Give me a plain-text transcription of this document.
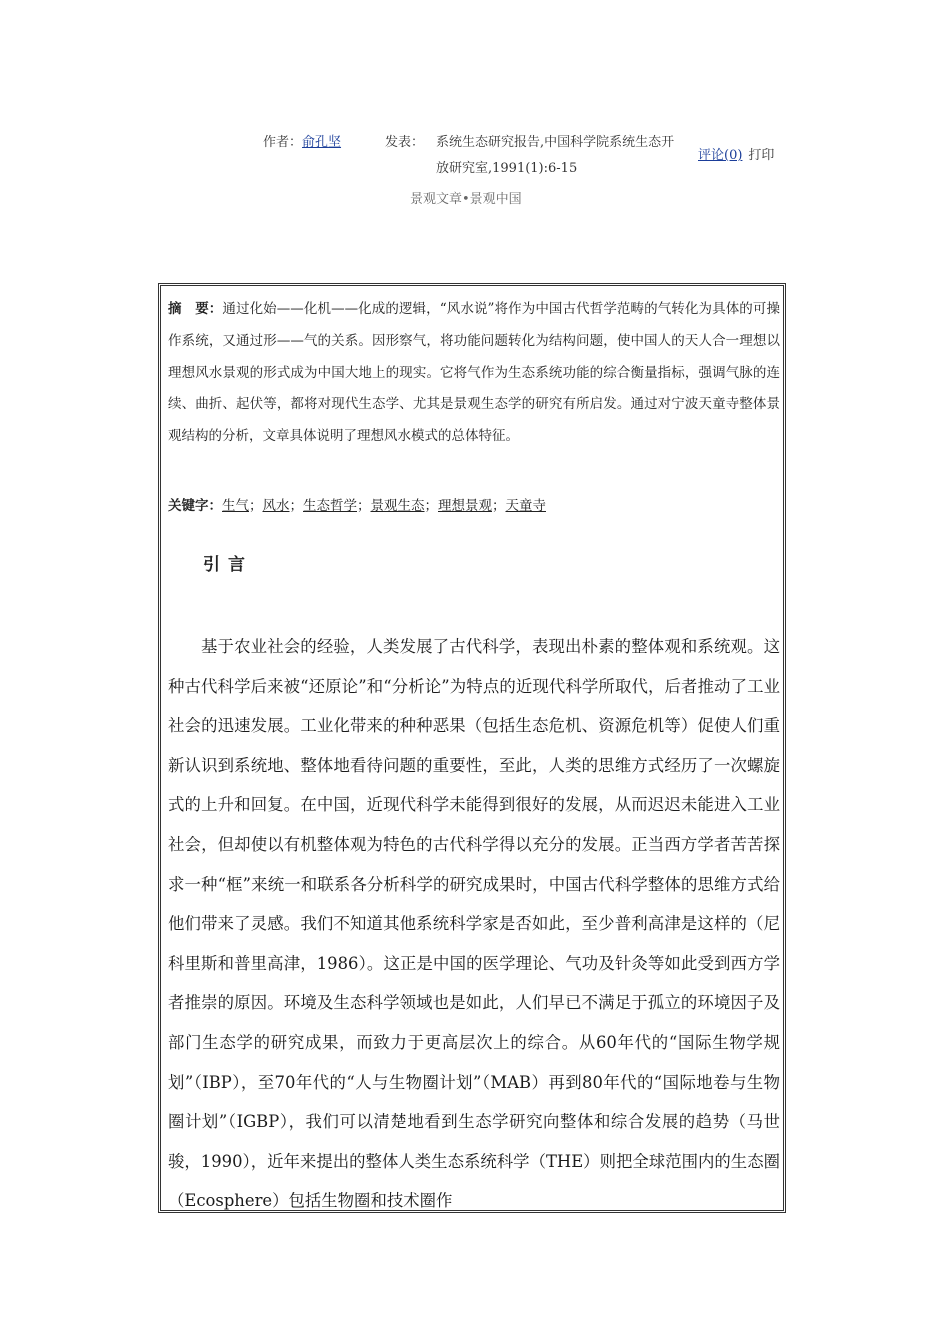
作者：俞孔坚	发表： 系统生态研究报告,中国科学院系统生态开放研究室,1991(1):6-15
评论(0) 打印
景观文章•景观中国
摘　要：通过化始——化机——化成的逻辑，“风水说”将作为中国古代哲学范畴的气转化为具体的可操作系统，又通过形——气的关系。因形察气，将功能问题转化为结构问题，使中国人的天人合一理想以理想风水景观的形式成为中国大地上的现实。它将气作为生态系统功能的综合衡量指标，强调气脉的连续、曲折、起伏等，都将对现代生态学、尤其是景观生态学的研究有所启发。通过对宁波天童寺整体景观结构的分析，文章具体说明了理想风水模式的总体特征。
关键字：生气；风水；生态哲学；景观生态；理想景观；天童寺
引言
基于农业社会的经验，人类发展了古代科学，表现出朴素的整体观和系统观。这种古代科学后来被“还原论”和“分析论”为特点的近现代科学所取代，后者推动了工业社会的迅速发展。工业化带来的种种恶果（包括生态危机、资源危机等）促使人们重新认识到系统地、整体地看待问题的重要性，至此，人类的思维方式经历了一次螺旋式的上升和回复。在中国，近现代科学未能得到很好的发展，从而迟迟未能进入工业社会，但却使以有机整体观为特色的古代科学得以充分的发展。正当西方学者苦苦探求一种“框”来统一和联系各分析科学的研究成果时，中国古代科学整体的思维方式给他们带来了灵感。我们不知道其他系统科学家是否如此，至少普利高津是这样的（尼科里斯和普里高津，1986）。这正是中国的医学理论、气功及针灸等如此受到西方学者推崇的原因。环境及生态科学领域也是如此，人们早已不满足于孤立的环境因子及部门生态学的研究成果，而致力于更高层次上的综合。从60年代的“国际生物学规划”（IBP），至70年代的“人与生物圈计划”（MAB）再到80年代的“国际地卷与生物圈计划”（IGBP），我们可以清楚地看到生态学研究向整体和综合发展的趋势（马世骏，1990），近年来提出的整体人类生态系统科学（THE）则把全球范围内的生态圈（Ecosphere）包括生物圈和技术圈作
